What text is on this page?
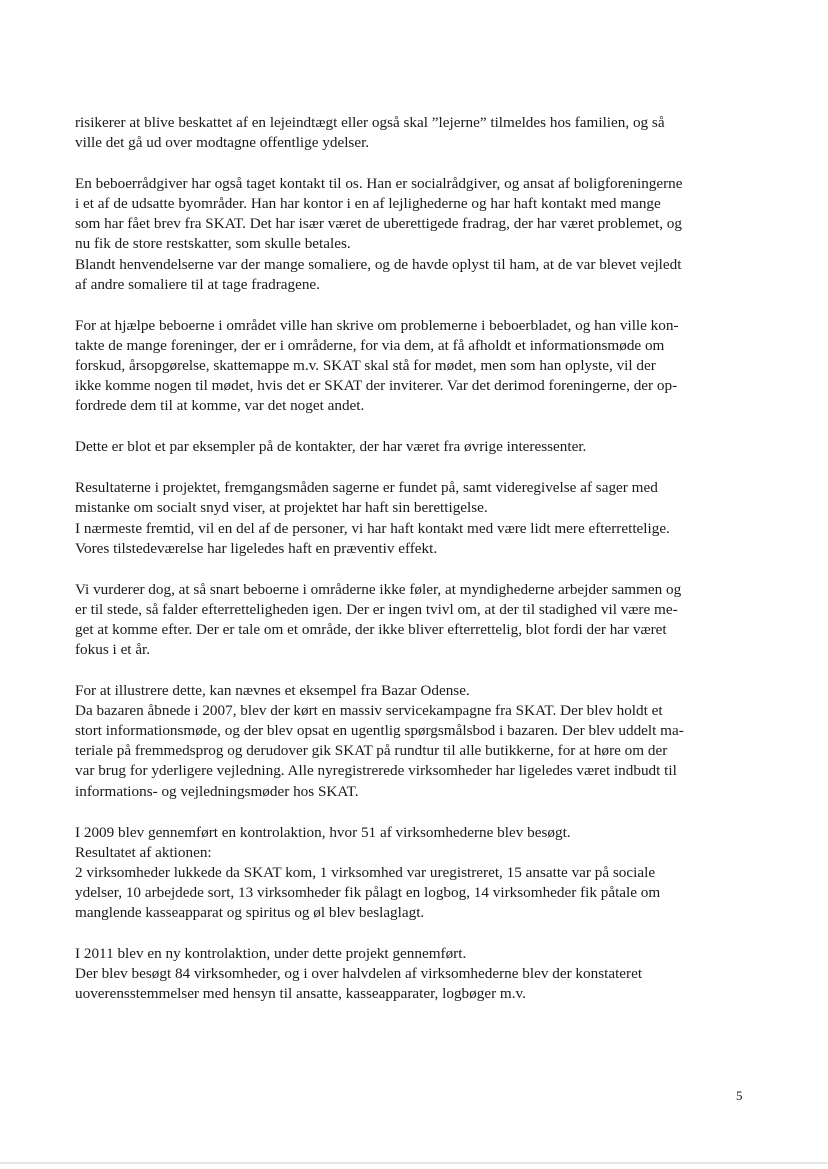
risikerer at blive beskattet af en lejeindtægt eller også skal ”lejerne” tilmeldes hos familien, og så
ville det gå ud over modtagne offentlige ydelser.

En beboerrådgiver har også taget kontakt til os. Han er socialrådgiver, og ansat af boligforeningerne
i et af de udsatte byområder. Han har kontor i en af lejlighederne og har haft kontakt med mange
som har fået brev fra SKAT. Det har især været de uberettigede fradrag, der har været problemet, og
nu fik de store restskatter, som skulle betales.
Blandt henvendelserne var der mange somaliere, og de havde oplyst til ham, at de var blevet vejledt
af andre somaliere til at tage fradragene.

For at hjælpe beboerne i området ville han skrive om problemerne i beboerbladet, og han ville kon-
takte de mange foreninger, der er i områderne, for via dem, at få afholdt et informationsmøde om
forskud, årsopgørelse, skattemappe m.v. SKAT skal stå for mødet, men som han oplyste, vil der
ikke komme nogen til mødet, hvis det er SKAT der inviterer. Var det derimod foreningerne, der op-
fordrede dem til at komme, var det noget andet.

Dette er blot et par eksempler på de kontakter, der har været fra øvrige interessenter.

Resultaterne i projektet, fremgangsmåden sagerne er fundet på, samt videregivelse af sager med
mistanke om socialt snyd viser, at projektet har haft sin berettigelse.
I nærmeste fremtid, vil en del af de personer, vi har haft kontakt med være lidt mere efterrettelige.
Vores tilstedeværelse har ligeledes haft en præventiv effekt.

Vi vurderer dog, at så snart beboerne i områderne ikke føler, at myndighederne arbejder sammen og
er til stede, så falder efterretteligheden igen. Der er ingen tvivl om, at der til stadighed vil være me-
get at komme efter. Der er tale om et område, der ikke bliver efterrettelig, blot fordi der har været
fokus i et år.

For at illustrere dette, kan nævnes et eksempel fra Bazar Odense.
Da bazaren åbnede i 2007, blev der kørt en massiv servicekampagne fra SKAT. Der blev holdt et
stort informationsmøde, og der blev opsat en ugentlig spørgsmålsbod i bazaren. Der blev uddelt ma-
teriale på fremmedsprog og derudover gik SKAT på rundtur til alle butikkerne, for at høre om der
var brug for yderligere vejledning. Alle nyregistrerede virksomheder har ligeledes været indbudt til
informations- og vejledningsmøder hos SKAT.

I 2009 blev gennemført en kontrolaktion, hvor 51 af virksomhederne blev besøgt.
Resultatet af aktionen:
2 virksomheder lukkede da SKAT kom, 1 virksomhed var uregistreret, 15 ansatte var på sociale
ydelser, 10 arbejdede sort, 13 virksomheder fik pålagt en logbog, 14 virksomheder fik påtale om
manglende kasseapparat og spiritus og øl blev beslaglagt.

I 2011 blev en ny kontrolaktion, under dette projekt gennemført.
Der blev besøgt 84 virksomheder, og i over halvdelen af virksomhederne blev der konstateret
uoverensstemmelser med hensyn til ansatte, kasseapparater, logbøger m.v.

5
